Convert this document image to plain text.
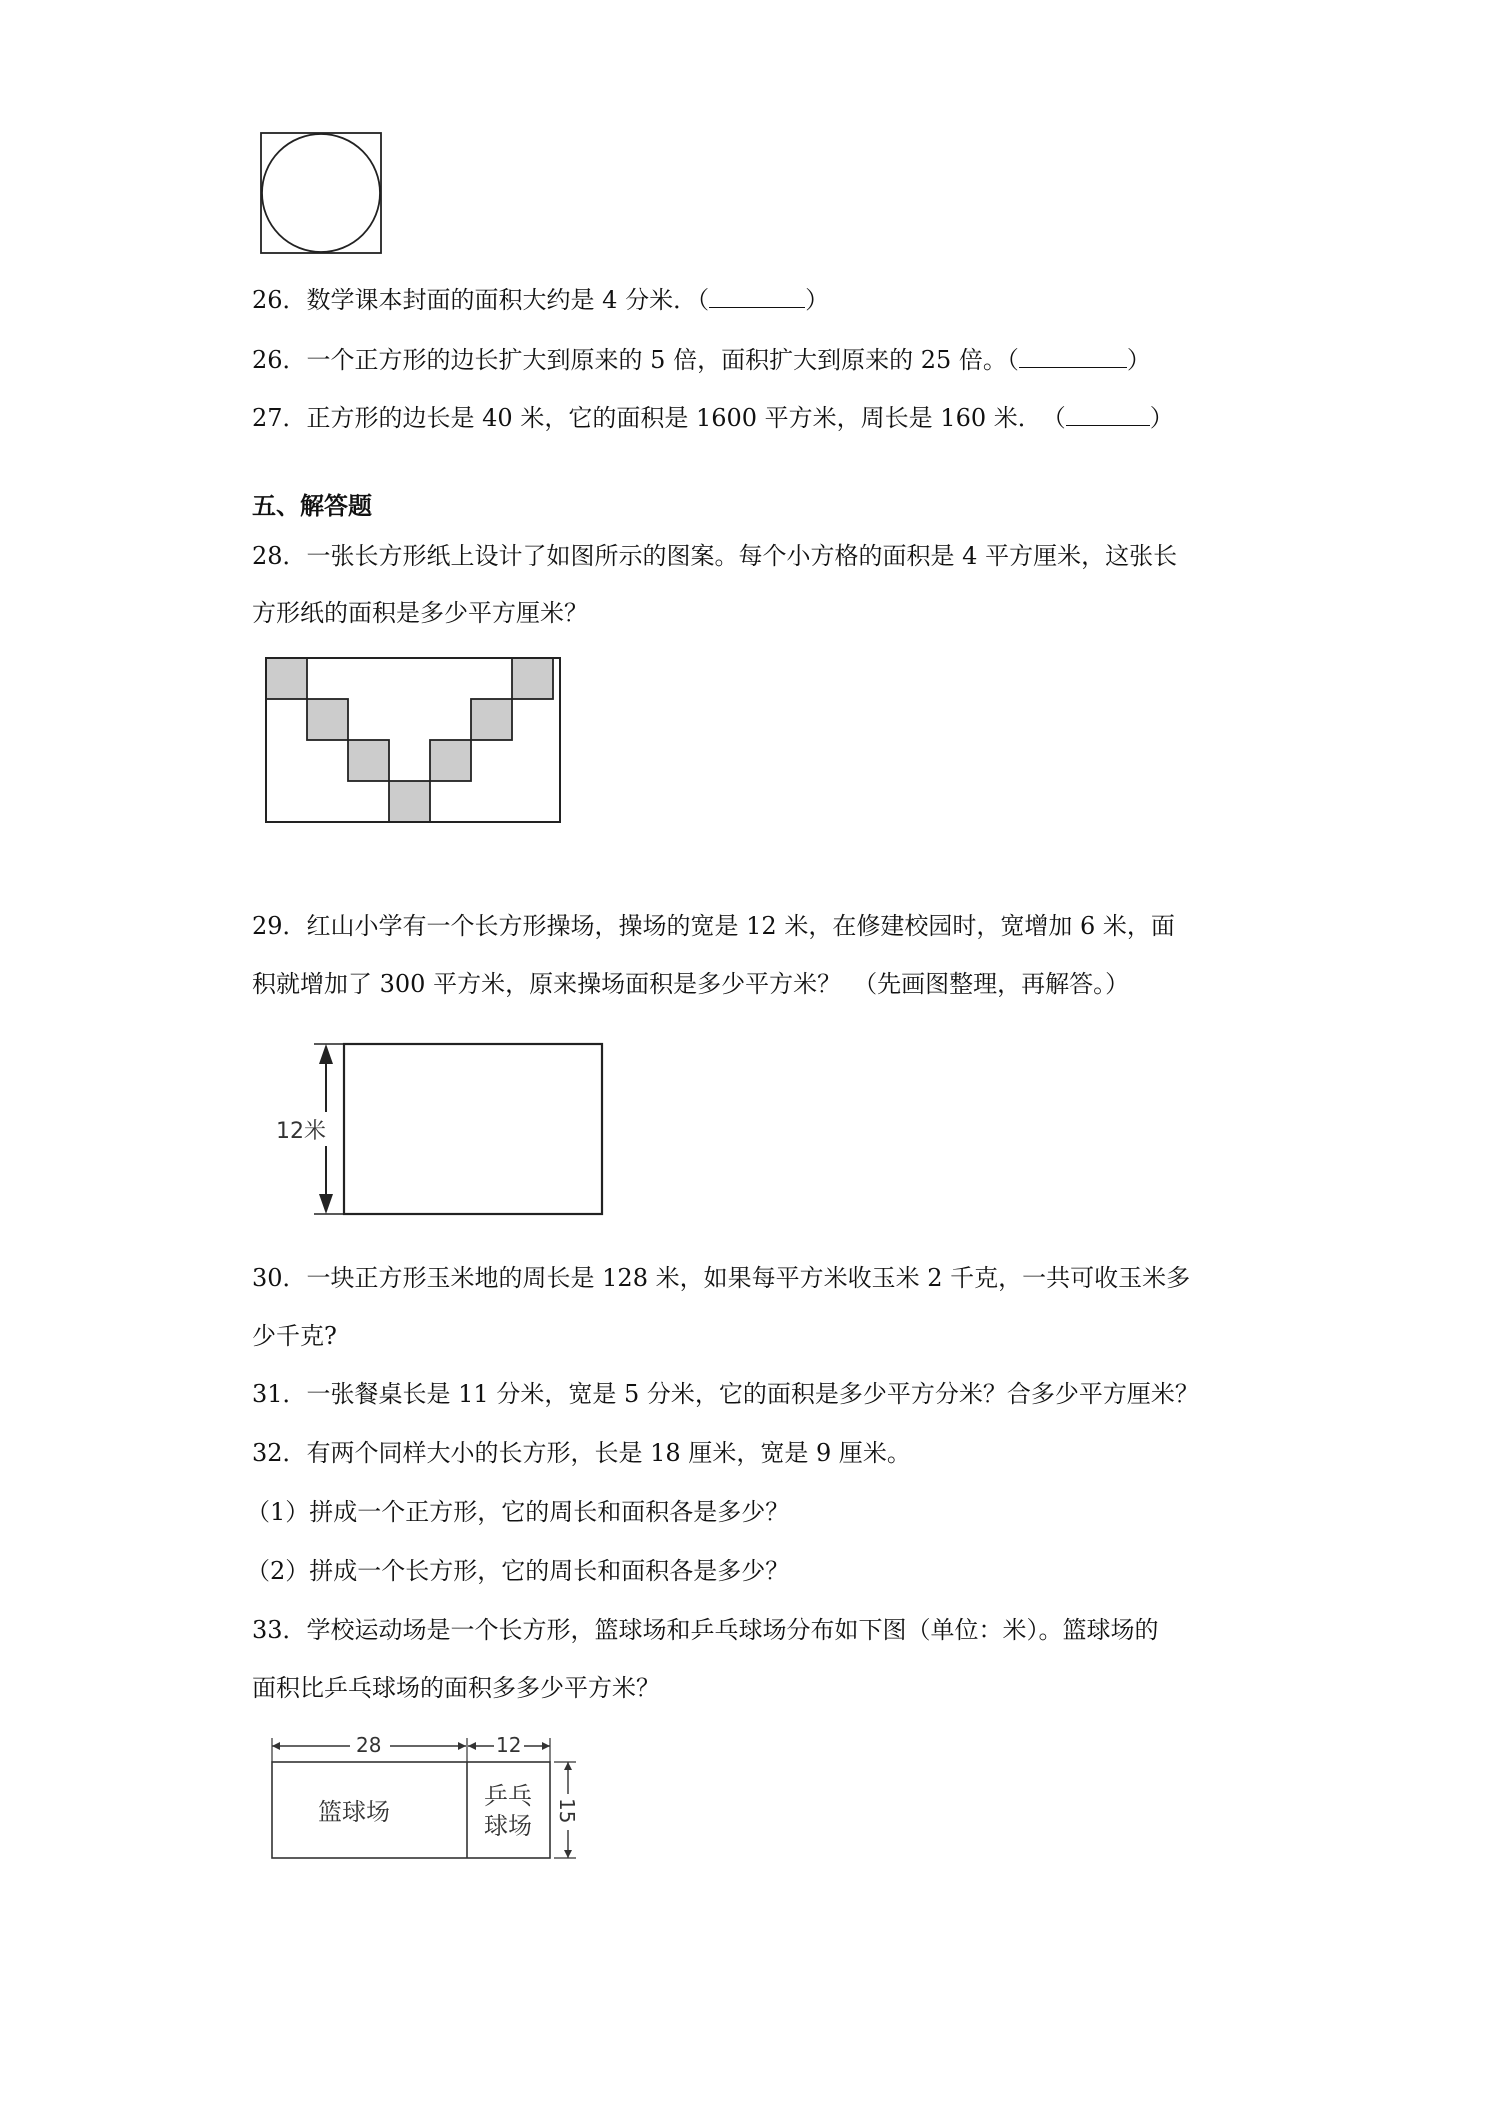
26．数学课本封面的面积大约是 4 分米．（	）
26．一个正方形的边长扩大到原来的 5 倍，面积扩大到原来的 25 倍。（	）
27．正方形的边长是 40 米，它的面积是 1600 平方米，周长是 160 米．　（	）
五、解答题
28．一张长方形纸上设计了如图所示的图案。每个小方格的面积是 4 平方厘米，这张长
方形纸的面积是多少平方厘米？
29．红山小学有一个长方形操场，操场的宽是 12 米，在修建校园时，宽增加 6 米，面
积就增加了 300 平方米，原来操场面积是多少平方米？　（先画图整理，再解答。）
12米
30．一块正方形玉米地的周长是 128 米，如果每平方米收玉米 2 千克，一共可收玉米多
少千克?
31．一张餐桌长是 11 分米，宽是 5 分米，它的面积是多少平方分米？合多少平方厘米？
32．有两个同样大小的长方形，长是 18 厘米，宽是 9 厘米。
（1）拼成一个正方形，它的周长和面积各是多少？
（2）拼成一个长方形，它的周长和面积各是多少？
33．学校运动场是一个长方形，篮球场和乒乓球场分布如下图（单位：米）。篮球场的
面积比乒乓球场的面积多多少平方米？
28	12
篮球场
乒乓
球场
15
